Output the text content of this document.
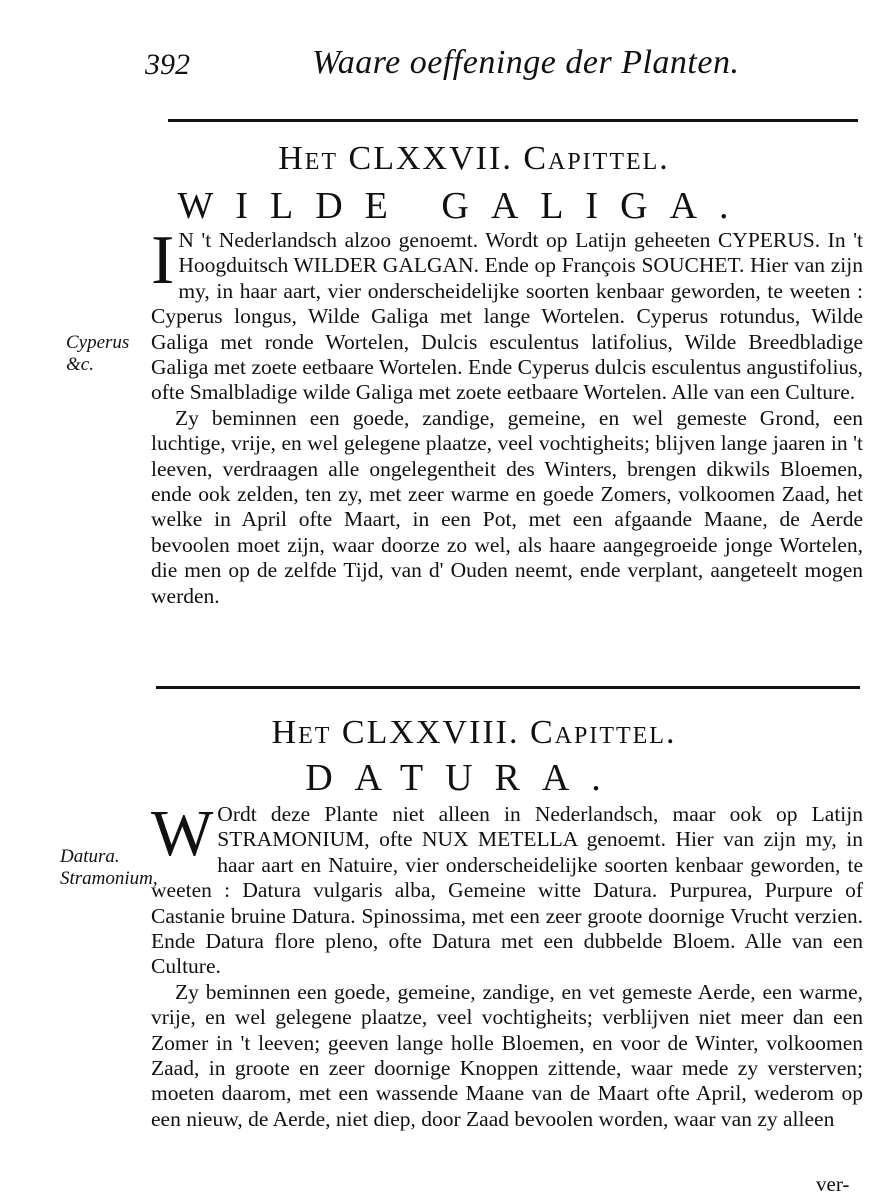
392	Waare oeffeninge der Planten.
Het CLXXVII. Capittel.
WILDE GALIGA.
Cyperus &c.

I N 't Nederlandsch alzoo genoemt. Wordt op Latijn geheeten CYPERUS. In 't Hoogduitsch WILDER GALGAN. Ende op François SOUCHET. Hier van zijn my, in haar aart, vier onderscheidelijke soorten kenbaar geworden, te weeten : Cyperus longus, Wilde Galiga met lange Wortelen. Cyperus rotundus, Wilde Galiga met ronde Wortelen, Dulcis esculentus latifolius, Wilde Breedbladige Galiga met zoete eetbaare Wortelen. Ende Cyperus dulcis esculentus angustifolius, ofte Smalbladige wilde Galiga met zoete eetbaare Wortelen. Alle van een Culture.

Zy beminnen een goede, zandige, gemeine, en wel gemeste Grond, een luchtige, vrije, en wel gelegene plaatze, veel vochtigheits; blijven lange jaaren in 't leeven, verdraagen alle ongelegentheit des Winters, brengen dikwils Bloemen, ende ook zelden, ten zy, met zeer warme en goede Zomers, volkoomen Zaad, het welke in April ofte Maart, in een Pot, met een afgaande Maane, de Aerde bevoolen moet zijn, waar doorze zo wel, als haare aangegroeide jonge Wortelen, die men op de zelfde Tijd, van d' Ouden neemt, ende verplant, aangeteelt mogen werden.

Het CLXXVIII. Capittel.
DATURA.
Datura. Stramonium,

W Ordt deze Plante niet alleen in Nederlandsch, maar ook op Latijn STRAMONIUM, ofte NUX METELLA genoemt. Hier van zijn my, in haar aart en Natuire, vier onderscheidelijke soorten kenbaar geworden, te weeten : Datura vulgaris alba, Gemeine witte Datura. Purpurea, Purpure of Castanie bruine Datura. Spinossima, met een zeer groote doornige Vrucht verzien. Ende Datura flore pleno, ofte Datura met een dubbelde Bloem. Alle van een Culture.

Zy beminnen een goede, gemeine, zandige, en vet gemeste Aerde, een warme, vrije, en wel gelegene plaatze, veel vochtigheits; verblijven niet meer dan een Zomer in 't leeven; geeven lange holle Bloemen, en voor de Winter, volkoomen Zaad, in groote en zeer doornige Knoppen zittende, waar mede zy versterven; moeten daarom, met een wassende Maane van de Maart ofte April, wederom op een nieuw, de Aerde, niet diep, door Zaad bevoolen worden, waar van zy alleen

ver-
